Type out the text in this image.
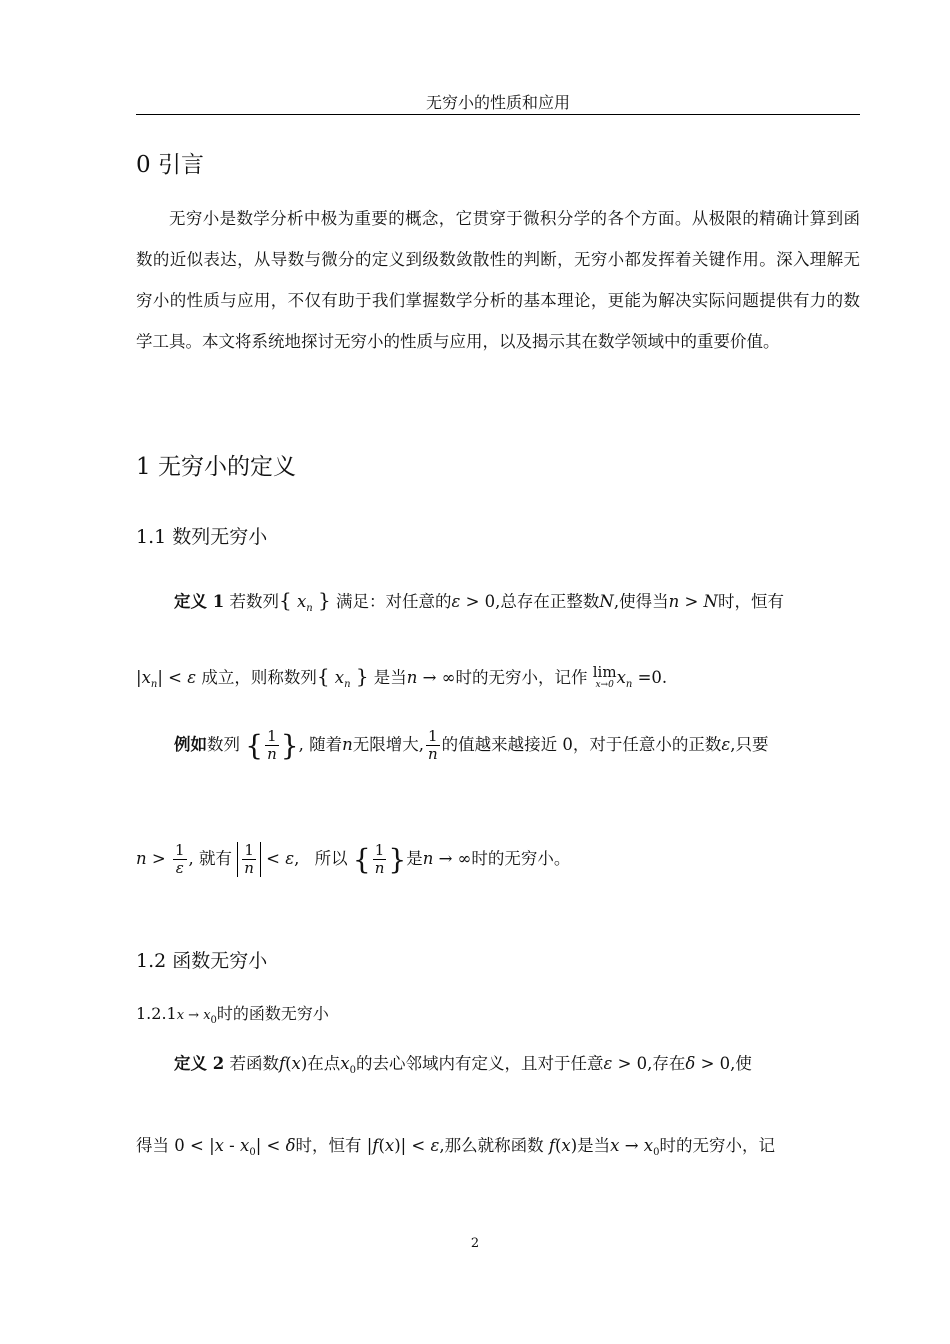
无穷小的性质和应用
0 引言

无穷小是数学分析中极为重要的概念，它贯穿于微积分学的各个方面。从极限的精确计算到函数的近似表达，从导数与微分的定义到级数敛散性的判断，无穷小都发挥着关键作用。深入理解无穷小的性质与应用，不仅有助于我们掌握数学分析的基本理论，更能为解决实际问题提供有力的数学工具。本文将系统地探讨无穷小的性质与应用，以及揭示其在数学领域中的重要价值。

1 无穷小的定义
1.1 数列无穷小
定义 1 若数列{ $x_n$ } 满足：对任意的ε > 0,总存在正整数N,使得当n > N时，恒有
$|x_n| < \varepsilon$ 成立，则称数列{ $x_n$ } 是当n → ∞时的无穷小，记作 lim
x→0 $x_n =0$.
例如数列 { $\frac{1}{n}$ }, 随着n无限增大, $\frac{1}{n}$ 的值越来越接近 0，对于任意小的正数ε,只要
$n > \frac{1}{\varepsilon}$ , 就有 $\frac{1}{n} < \varepsilon$, 所以 { $\frac{1}{n}$ }是n → ∞时的无穷小。
1.2 函数无穷小
$1.2.1x \to x_0$时的函数无穷小
定义 2 若函数f(x)在点$x_0$的去心邻域内有定义，且对于任意ε > 0,存在δ > 0,使
得当 $0 < |x - x_0| < \delta$时，恒有 |f(x)| < ε,那么就称函数 f(x)是当$x \to x_0$时的无穷小，记
2
